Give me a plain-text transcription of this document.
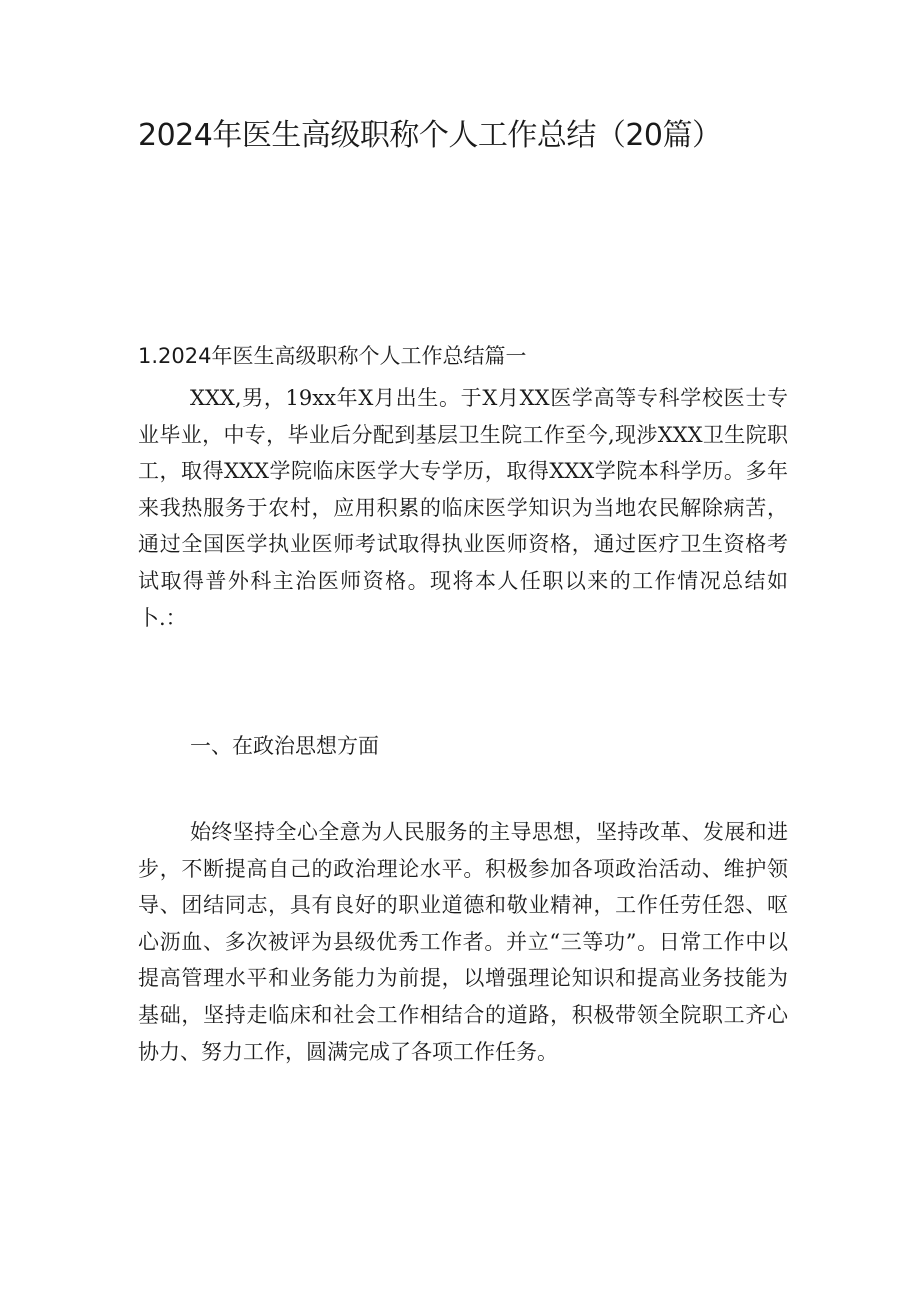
2024年医生高级职称个人工作总结（20篇）
1.2024年医生高级职称个人工作总结篇一

XXX,男，19xx年X月出生。于X月XX医学高等专科学校医士专业毕业，中专，毕业后分配到基层卫生院工作至今,现涉XXX卫生院职工，取得XXX学院临床医学大专学历，取得XXX学院本科学历。多年来我热服务于农村，应用积累的临床医学知识为当地农民解除病苦，通过全国医学执业医师考试取得执业医师资格，通过医疗卫生资格考试取得普外科主治医师资格。现将本人任职以来的工作情况总结如卜.：

一、在政治思想方面

始终坚持全心全意为人民服务的主导思想，坚持改革、发展和进步，不断提高自己的政治理论水平。积极参加各项政治活动、维护领导、团结同志，具有良好的职业道德和敬业精神，工作任劳任怨、呕心沥血、多次被评为县级优秀工作者。并立“三等功”。日常工作中以提高管理水平和业务能力为前提，以增强理论知识和提高业务技能为基础，坚持走临床和社会工作相结合的道路，积极带领全院职工齐心协力、努力工作，圆满完成了各项工作任务。
